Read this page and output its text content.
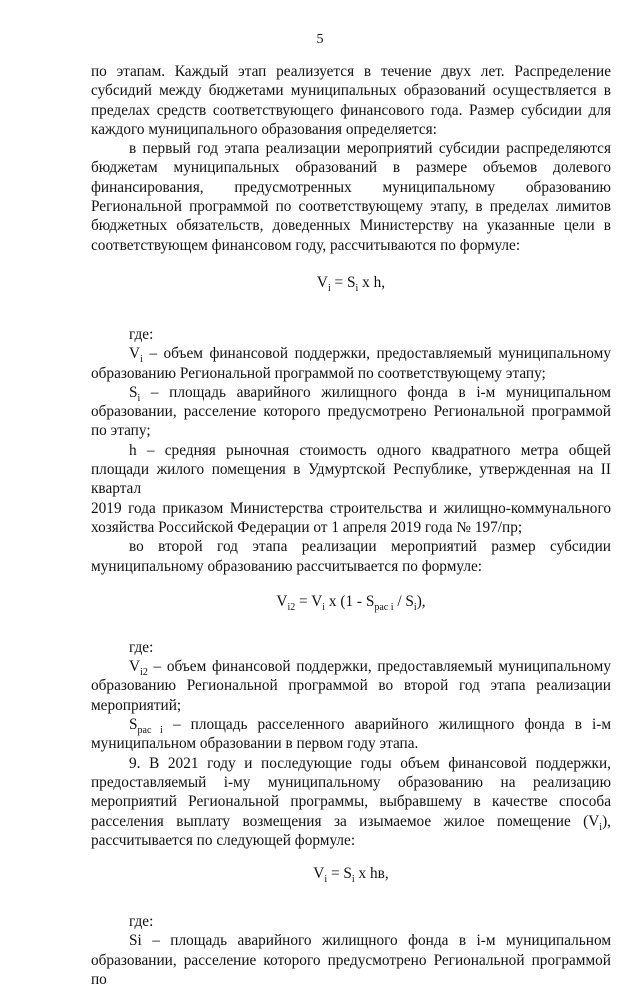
5

по этапам. Каждый этап реализуется в течение двух лет. Распределение субсидий между бюджетами муниципальных образований осуществляется в пределах средств соответствующего финансового года. Размер субсидии для каждого муниципального образования определяется:

в первый год этапа реализации мероприятий субсидии распределяются бюджетам муниципальных образований в размере объемов долевого финансирования, предусмотренных муниципальному образованию Региональной программой по соответствующему этапу, в пределах лимитов бюджетных обязательств, доведенных Министерству на указанные цели в соответствующем финансовом году, рассчитываются по формуле:

$V_i = S_i$ x h,

где:

$V_i$ – объем финансовой поддержки, предоставляемый муниципальному образованию Региональной программой по соответствующему этапу;

$S_i$ – площадь аварийного жилищного фонда в i-м муниципальном образовании, расселение которого предусмотрено Региональной программой по этапу;

h – средняя рыночная стоимость одного квадратного метра общей площади жилого помещения в Удмуртской Республике, утвержденная на II квартал

2019 года приказом Министерства строительства и жилищно-коммунального хозяйства Российской Федерации от 1 апреля 2019 года № 197/пр;

во второй год этапа реализации мероприятий размер субсидии муниципальному образованию рассчитывается по формуле:

$V_{i2} = V_i$ x $(1 - S_{рас i} / S_i)$,

где:

$V_{i2}$ – объем финансовой поддержки, предоставляемый муниципальному образованию Региональной программой во второй год этапа реализации мероприятий;

$S_{рас i}$ – площадь расселенного аварийного жилищного фонда в i-м муниципальном образовании в первом году этапа.

9. В 2021 году и последующие годы объем финансовой поддержки, предоставляемый i-му муниципальному образованию на реализацию мероприятий Региональной программы, выбравшему в качестве способа расселения выплату возмещения за изымаемое жилое помещение $(V_i)$, рассчитывается по следующей формуле:

$V_i = S_i$ x hв,

где:

Si – площадь аварийного жилищного фонда в i-м муниципальном образовании, расселение которого предусмотрено Региональной программой по
